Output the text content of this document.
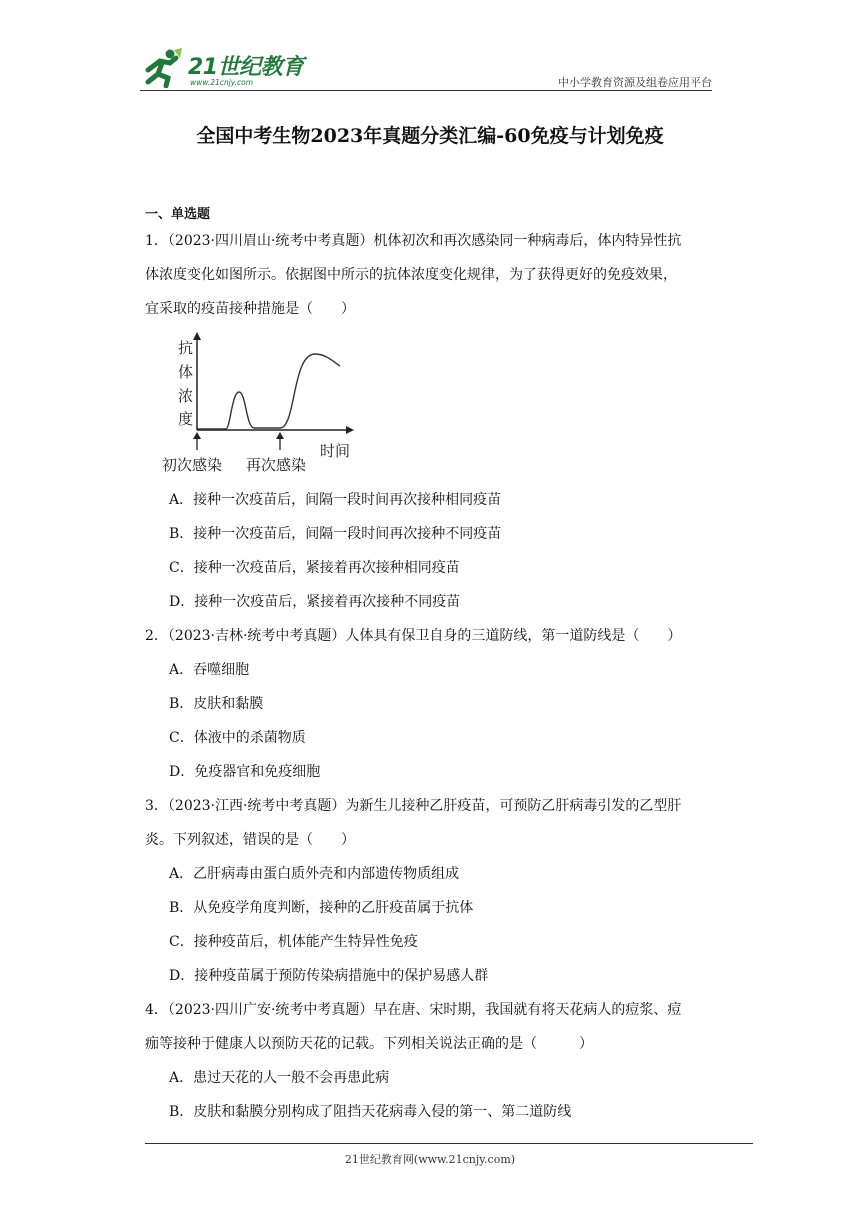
21世纪教育
www.21cnjy.com	中小学教育资源及组卷应用平台
全国中考生物2023年真题分类汇编-60免疫与计划免疫
一、单选题
1．（2023·四川眉山·统考中考真题）机体初次和再次感染同一种病毒后，体内特异性抗
体浓度变化如图所示。依据图中所示的抗体浓度变化规律，为了获得更好的免疫效果，
宜采取的疫苗接种措施是（　　）
A．接种一次疫苗后，间隔一段时间再次接种相同疫苗
B．接种一次疫苗后，间隔一段时间再次接种不同疫苗
C．接种一次疫苗后，紧接着再次接种相同疫苗
D．接种一次疫苗后，紧接着再次接种不同疫苗
2．（2023·吉林·统考中考真题）人体具有保卫自身的三道防线，第一道防线是（　　）
A．吞噬细胞
B．皮肤和黏膜
C．体液中的杀菌物质
D．免疫器官和免疫细胞
3．（2023·江西·统考中考真题）为新生儿接种乙肝疫苗，可预防乙肝病毒引发的乙型肝
炎。下列叙述，错误的是（　　）
A．乙肝病毒由蛋白质外壳和内部遗传物质组成
B．从免疫学角度判断，接种的乙肝疫苗属于抗体
C．接种疫苗后，机体能产生特异性免疫
D．接种疫苗属于预防传染病措施中的保护易感人群
4．（2023·四川广安·统考中考真题）早在唐、宋时期，我国就有将天花病人的痘浆、痘
痂等接种于健康人以预防天花的记载。下列相关说法正确的是（　　　）
A．患过天花的人一般不会再患此病
B．皮肤和黏膜分别构成了阻挡天花病毒入侵的第一、第二道防线
抗
体
浓
度
时间
初次感染 再次感染
21世纪教育网(www.21cnjy.com)
